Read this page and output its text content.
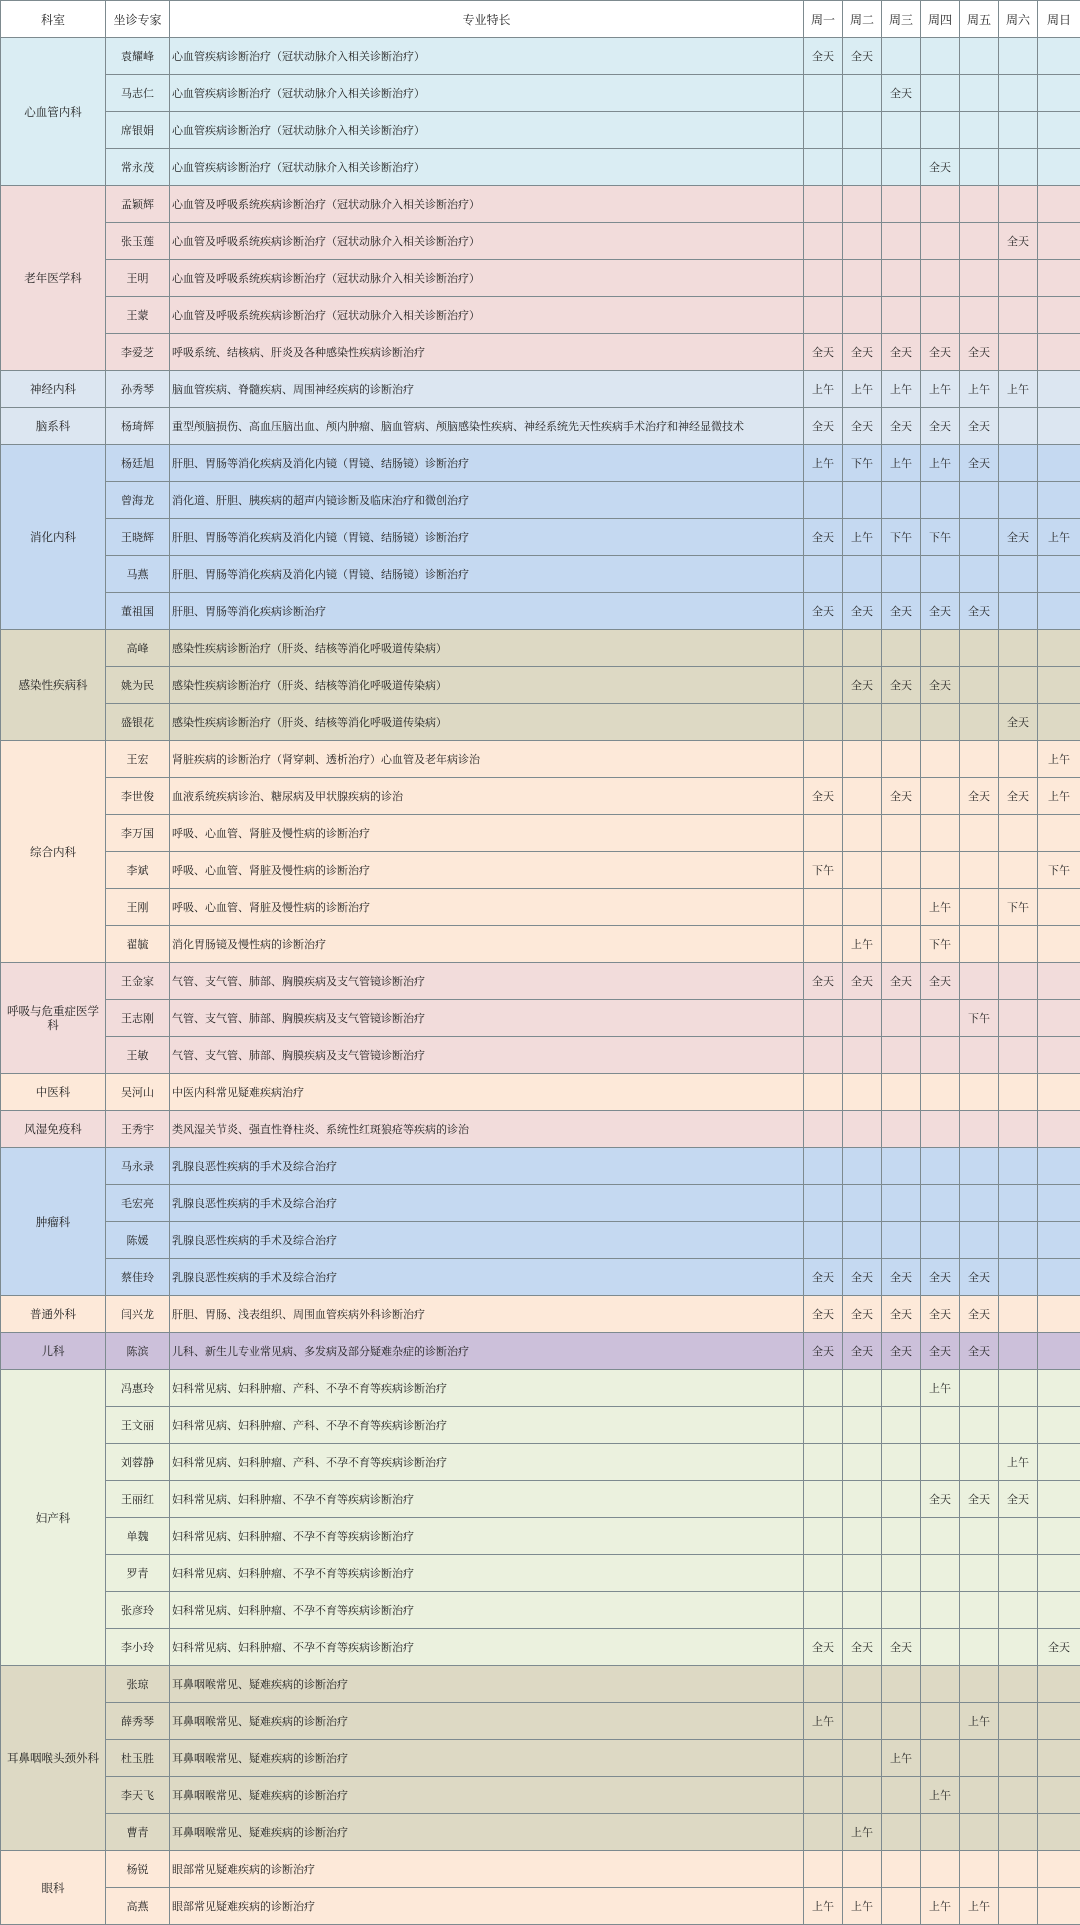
科室	坐诊专家	专业特长	周一	周二	周三	周四	周五	周六	周日
心血管内科	袁耀峰	心血管疾病诊断治疗（冠状动脉介入相关诊断治疗）	全天	全天					
	马志仁	心血管疾病诊断治疗（冠状动脉介入相关诊断治疗）			全天				
	席银娟	心血管疾病诊断治疗（冠状动脉介入相关诊断治疗）							
	常永茂	心血管疾病诊断治疗（冠状动脉介入相关诊断治疗）				全天			
老年医学科	孟颖辉	心血管及呼吸系统疾病诊断治疗（冠状动脉介入相关诊断治疗）							
	张玉莲	心血管及呼吸系统疾病诊断治疗（冠状动脉介入相关诊断治疗）						全天	
	王明	心血管及呼吸系统疾病诊断治疗（冠状动脉介入相关诊断治疗）							
	王蒙	心血管及呼吸系统疾病诊断治疗（冠状动脉介入相关诊断治疗）							
	李爱芝	呼吸系统、结核病、肝炎及各种感染性疾病诊断治疗	全天	全天	全天	全天	全天		
神经内科	孙秀琴	脑血管疾病、脊髓疾病、周围神经疾病的诊断治疗	上午	上午	上午	上午	上午	上午	
脑系科	杨琦辉	重型颅脑损伤、高血压脑出血、颅内肿瘤、脑血管病、颅脑感染性疾病、神经系统先天性疾病手术治疗和神经显微技术	全天	全天	全天	全天	全天		
消化内科	杨廷旭	肝胆、胃肠等消化疾病及消化内镜（胃镜、结肠镜）诊断治疗	上午	下午	上午	上午	全天		
	曾海龙	消化道、肝胆、胰疾病的超声内镜诊断及临床治疗和微创治疗							
	王晓辉	肝胆、胃肠等消化疾病及消化内镜（胃镜、结肠镜）诊断治疗	全天	上午	下午	下午		全天	上午
	马燕	肝胆、胃肠等消化疾病及消化内镜（胃镜、结肠镜）诊断治疗							
	董祖国	肝胆、胃肠等消化疾病诊断治疗	全天	全天	全天	全天	全天		
感染性疾病科	高峰	感染性疾病诊断治疗（肝炎、结核等消化呼吸道传染病）							
	姚为民	感染性疾病诊断治疗（肝炎、结核等消化呼吸道传染病）		全天	全天	全天			
	盛银花	感染性疾病诊断治疗（肝炎、结核等消化呼吸道传染病）						全天	
综合内科	王宏	肾脏疾病的诊断治疗（肾穿刺、透析治疗）心血管及老年病诊治							上午
	李世俊	血液系统疾病诊治、糖尿病及甲状腺疾病的诊治	全天		全天		全天	全天	上午
	李万国	呼吸、心血管、肾脏及慢性病的诊断治疗							
	李斌	呼吸、心血管、肾脏及慢性病的诊断治疗	下午						下午
	王刚	呼吸、心血管、肾脏及慢性病的诊断治疗				上午		下午	
	翟毓	消化胃肠镜及慢性病的诊断治疗		上午		下午			
呼吸与危重症医学科	王金家	气管、支气管、肺部、胸膜疾病及支气管镜诊断治疗	全天	全天	全天	全天			
	王志刚	气管、支气管、肺部、胸膜疾病及支气管镜诊断治疗					下午		
	王敏	气管、支气管、肺部、胸膜疾病及支气管镜诊断治疗							
中医科	吴河山	中医内科常见疑难疾病治疗							
风湿免疫科	王秀宇	类风湿关节炎、强直性脊柱炎、系统性红斑狼疮等疾病的诊治							
肿瘤科	马永录	乳腺良恶性疾病的手术及综合治疗							
	毛宏亮	乳腺良恶性疾病的手术及综合治疗							
	陈媛	乳腺良恶性疾病的手术及综合治疗							
	蔡佳玲	乳腺良恶性疾病的手术及综合治疗	全天	全天	全天	全天	全天		
普通外科	闫兴龙	肝胆、胃肠、浅表组织、周围血管疾病外科诊断治疗	全天	全天	全天	全天	全天		
儿科	陈滨	儿科、新生儿专业常见病、多发病及部分疑难杂症的诊断治疗	全天	全天	全天	全天	全天		
妇产科	冯惠玲	妇科常见病、妇科肿瘤、产科、不孕不育等疾病诊断治疗				上午			
	王文丽	妇科常见病、妇科肿瘤、产科、不孕不育等疾病诊断治疗							
	刘蓉静	妇科常见病、妇科肿瘤、产科、不孕不育等疾病诊断治疗						上午	
	王丽红	妇科常见病、妇科肿瘤、不孕不育等疾病诊断治疗				全天	全天	全天	
	单魏	妇科常见病、妇科肿瘤、不孕不育等疾病诊断治疗							
	罗青	妇科常见病、妇科肿瘤、不孕不育等疾病诊断治疗							
	张彦玲	妇科常见病、妇科肿瘤、不孕不育等疾病诊断治疗							
	李小玲	妇科常见病、妇科肿瘤、不孕不育等疾病诊断治疗	全天	全天	全天				全天
耳鼻咽喉头颈外科	张琼	耳鼻咽喉常见、疑难疾病的诊断治疗							
	薛秀琴	耳鼻咽喉常见、疑难疾病的诊断治疗	上午				上午		
	杜玉胜	耳鼻咽喉常见、疑难疾病的诊断治疗			上午				
	李天飞	耳鼻咽喉常见、疑难疾病的诊断治疗				上午			
	曹青	耳鼻咽喉常见、疑难疾病的诊断治疗		上午					
眼科	杨锐	眼部常见疑难疾病的诊断治疗							
	高燕	眼部常见疑难疾病的诊断治疗	上午	上午		上午	上午		
